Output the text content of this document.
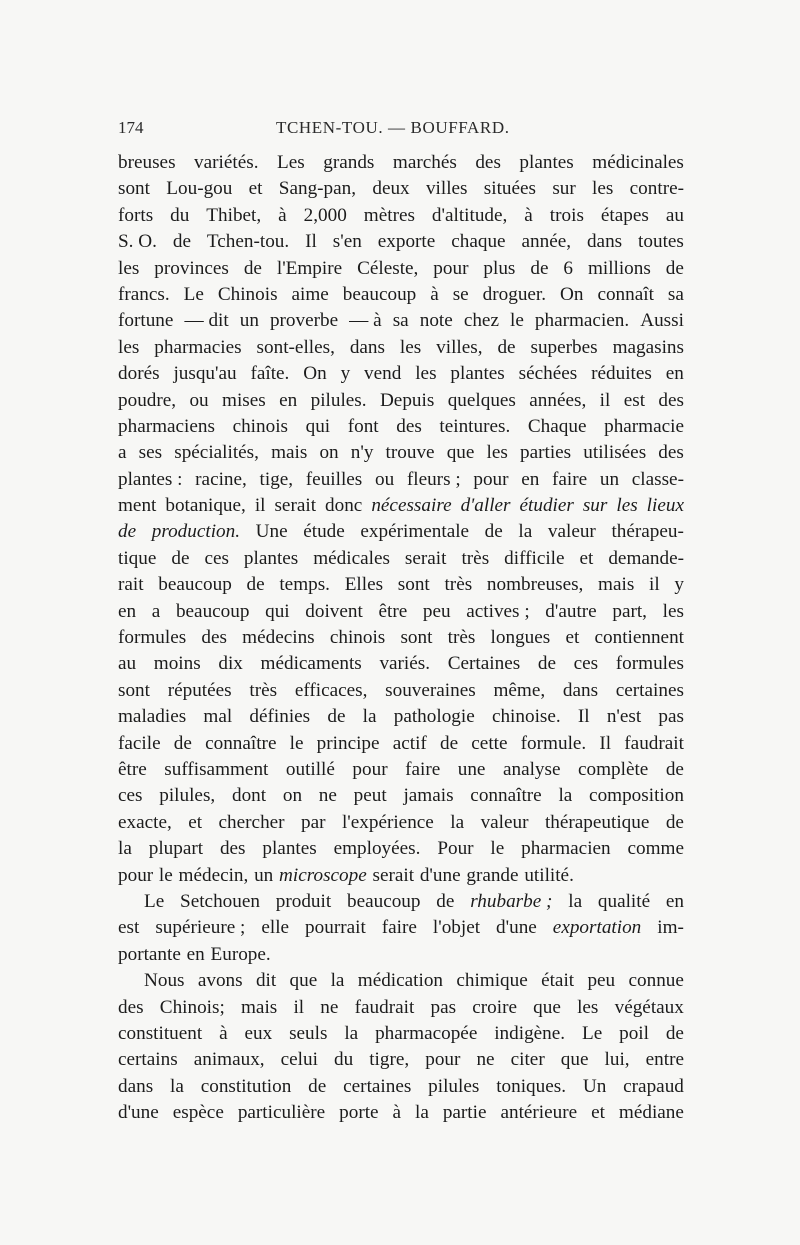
174	TCHEN-TOU. — BOUFFARD.
breuses variétés. Les grands marchés des plantes médicinales
sont Lou-gou et Sang-pan, deux villes situées sur les contre-
forts du Thibet, à 2,000 mètres d'altitude, à trois étapes au
S. O. de Tchen-tou. Il s'en exporte chaque année, dans toutes
les provinces de l'Empire Céleste, pour plus de 6 millions de
francs. Le Chinois aime beaucoup à se droguer. On connaît sa
fortune — dit un proverbe — à sa note chez le pharmacien. Aussi
les pharmacies sont-elles, dans les villes, de superbes magasins
dorés jusqu'au faîte. On y vend les plantes séchées réduites en
poudre, ou mises en pilules. Depuis quelques années, il est des
pharmaciens chinois qui font des teintures. Chaque pharmacie
a ses spécialités, mais on n'y trouve que les parties utilisées des
plantes : racine, tige, feuilles ou fleurs ; pour en faire un classe-
ment botanique, il serait donc nécessaire d'aller étudier sur les lieux
de production. Une étude expérimentale de la valeur thérapeu-
tique de ces plantes médicales serait très difficile et demande-
rait beaucoup de temps. Elles sont très nombreuses, mais il y
en a beaucoup qui doivent être peu actives ; d'autre part, les
formules des médecins chinois sont très longues et contiennent
au moins dix médicaments variés. Certaines de ces formules
sont réputées très efficaces, souveraines même, dans certaines
maladies mal définies de la pathologie chinoise. Il n'est pas
facile de connaître le principe actif de cette formule. Il faudrait
être suffisamment outillé pour faire une analyse complète de
ces pilules, dont on ne peut jamais connaître la composition
exacte, et chercher par l'expérience la valeur thérapeutique de
la plupart des plantes employées. Pour le pharmacien comme
pour le médecin, un microscope serait d'une grande utilité.
Le Setchouen produit beaucoup de rhubarbe ; la qualité en
est supérieure ; elle pourrait faire l'objet d'une exportation im-
portante en Europe.
Nous avons dit que la médication chimique était peu connue
des Chinois; mais il ne faudrait pas croire que les végétaux
constituent à eux seuls la pharmacopée indigène. Le poil de
certains animaux, celui du tigre, pour ne citer que lui, entre
dans la constitution de certaines pilules toniques. Un crapaud
d'une espèce particulière porte à la partie antérieure et médiane
